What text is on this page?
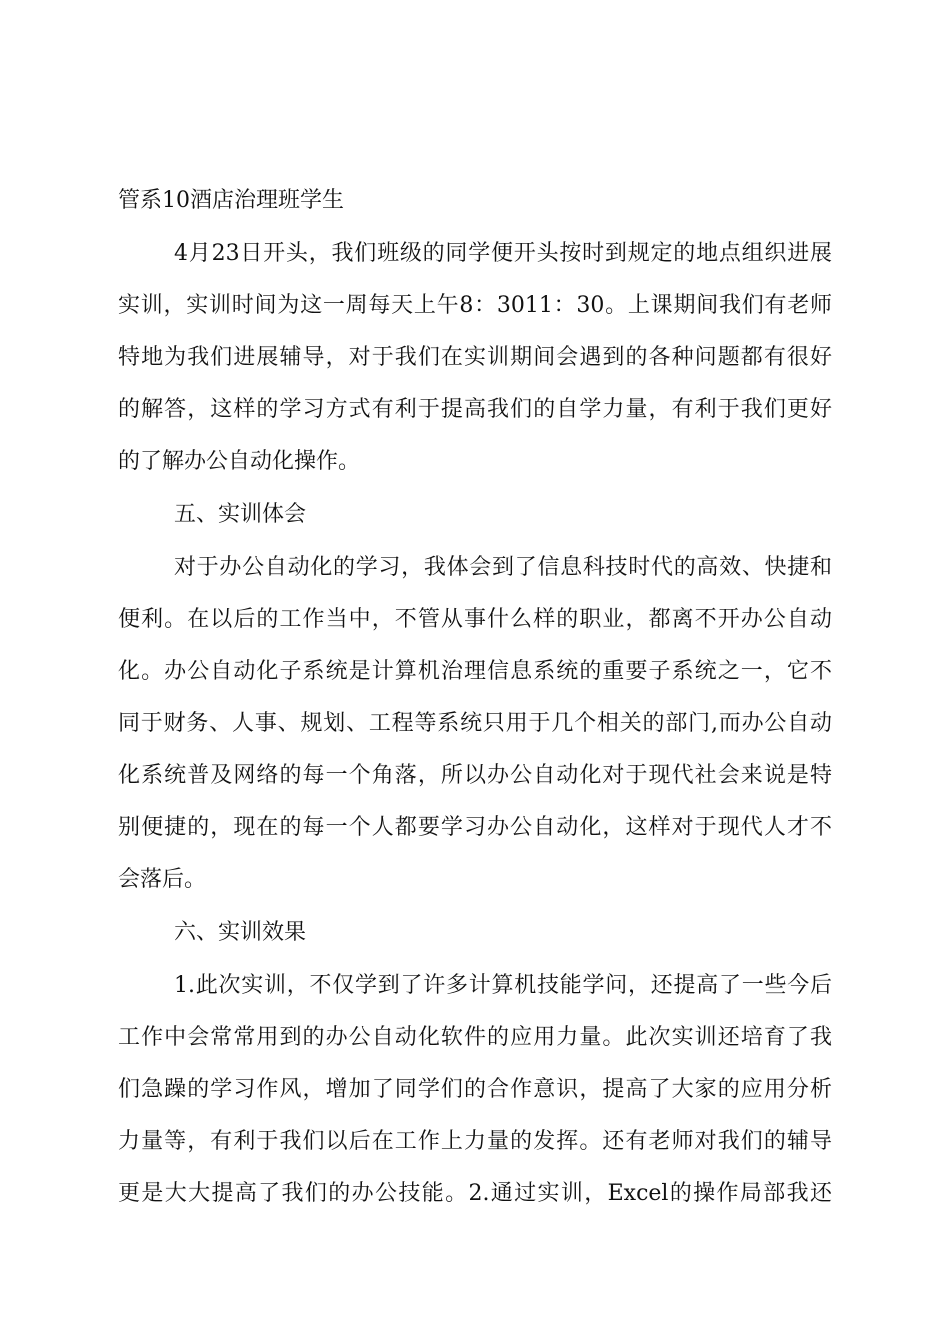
管系10酒店治理班学生
4月23日开头，我们班级的同学便开头按时到规定的地点组织进展
实训，实训时间为这一周每天上午8：3011：30。上课期间我们有老师
特地为我们进展辅导，对于我们在实训期间会遇到的各种问题都有很好
的解答，这样的学习方式有利于提高我们的自学力量，有利于我们更好
的了解办公自动化操作。
五、实训体会
对于办公自动化的学习，我体会到了信息科技时代的高效、快捷和
便利。在以后的工作当中，不管从事什么样的职业，都离不开办公自动
化。办公自动化子系统是计算机治理信息系统的重要子系统之一，它不
同于财务、人事、规划、工程等系统只用于几个相关的部门,而办公自动
化系统普及网络的每一个角落，所以办公自动化对于现代社会来说是特
别便捷的，现在的每一个人都要学习办公自动化，这样对于现代人才不
会落后。
六、实训效果
1.此次实训，不仅学到了许多计算机技能学问，还提高了一些今后
工作中会常常用到的办公自动化软件的应用力量。此次实训还培育了我
们急躁的学习作风，增加了同学们的合作意识，提高了大家的应用分析
力量等，有利于我们以后在工作上力量的发挥。还有老师对我们的辅导
更是大大提高了我们的办公技能。2.通过实训，Excel的操作局部我还
